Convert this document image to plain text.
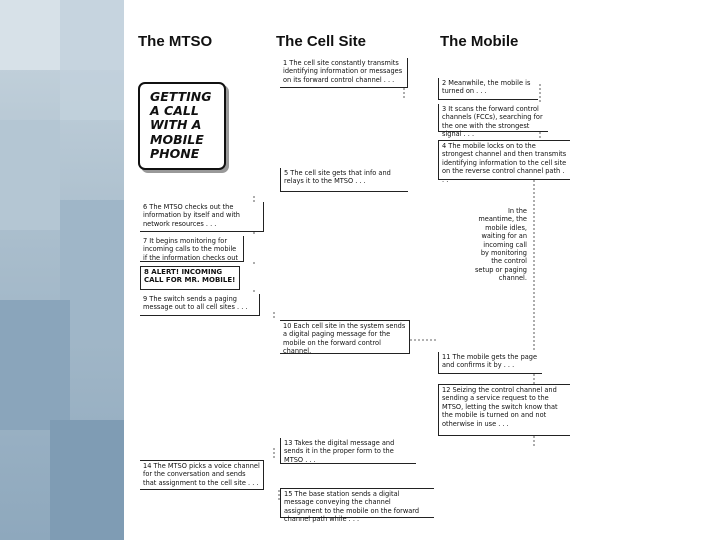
The MTSO	The Cell Site	The Mobile
GETTING
A CALL
WITH A
MOBILE
PHONE
1 The cell site constantly transmits identifying information or messages on its forward control channel . . .	2 Meanwhile, the mobile is turned on . . .
3 It scans the forward control channels (FCCs), searching for the one with the strongest signal . . .
4 The mobile locks on to the strongest channel and then transmits identifying information to the cell site on the reverse control channel path . . .
5 The cell site gets that info and relays it to the MTSO . . .
6 The MTSO checks out the information by itself and with network resources . . .
7 It begins monitoring for incoming calls to the mobile if the information checks out
8 ALERT! INCOMING CALL FOR MR. MOBILE!
9 The switch sends a paging message out to all cell sites . . .
10 Each cell site in the system sends a digital paging message for the mobile on the forward control channel.
In the meantime, the mobile idles, waiting for an incoming call by monitoring the control setup or paging channel.
11 The mobile gets the page and confirms it by . . .
12 Seizing the control channel and sending a service request to the MTSO, letting the switch know that the mobile is turned on and not otherwise in use . . .
13 Takes the digital message and sends it in the proper form to the MTSO . . .
14 The MTSO picks a voice channel for the conversation and sends that assignment to the cell site . . .
15 The base station sends a digital message conveying the channel assignment to the mobile on the forward channel path while . . .
